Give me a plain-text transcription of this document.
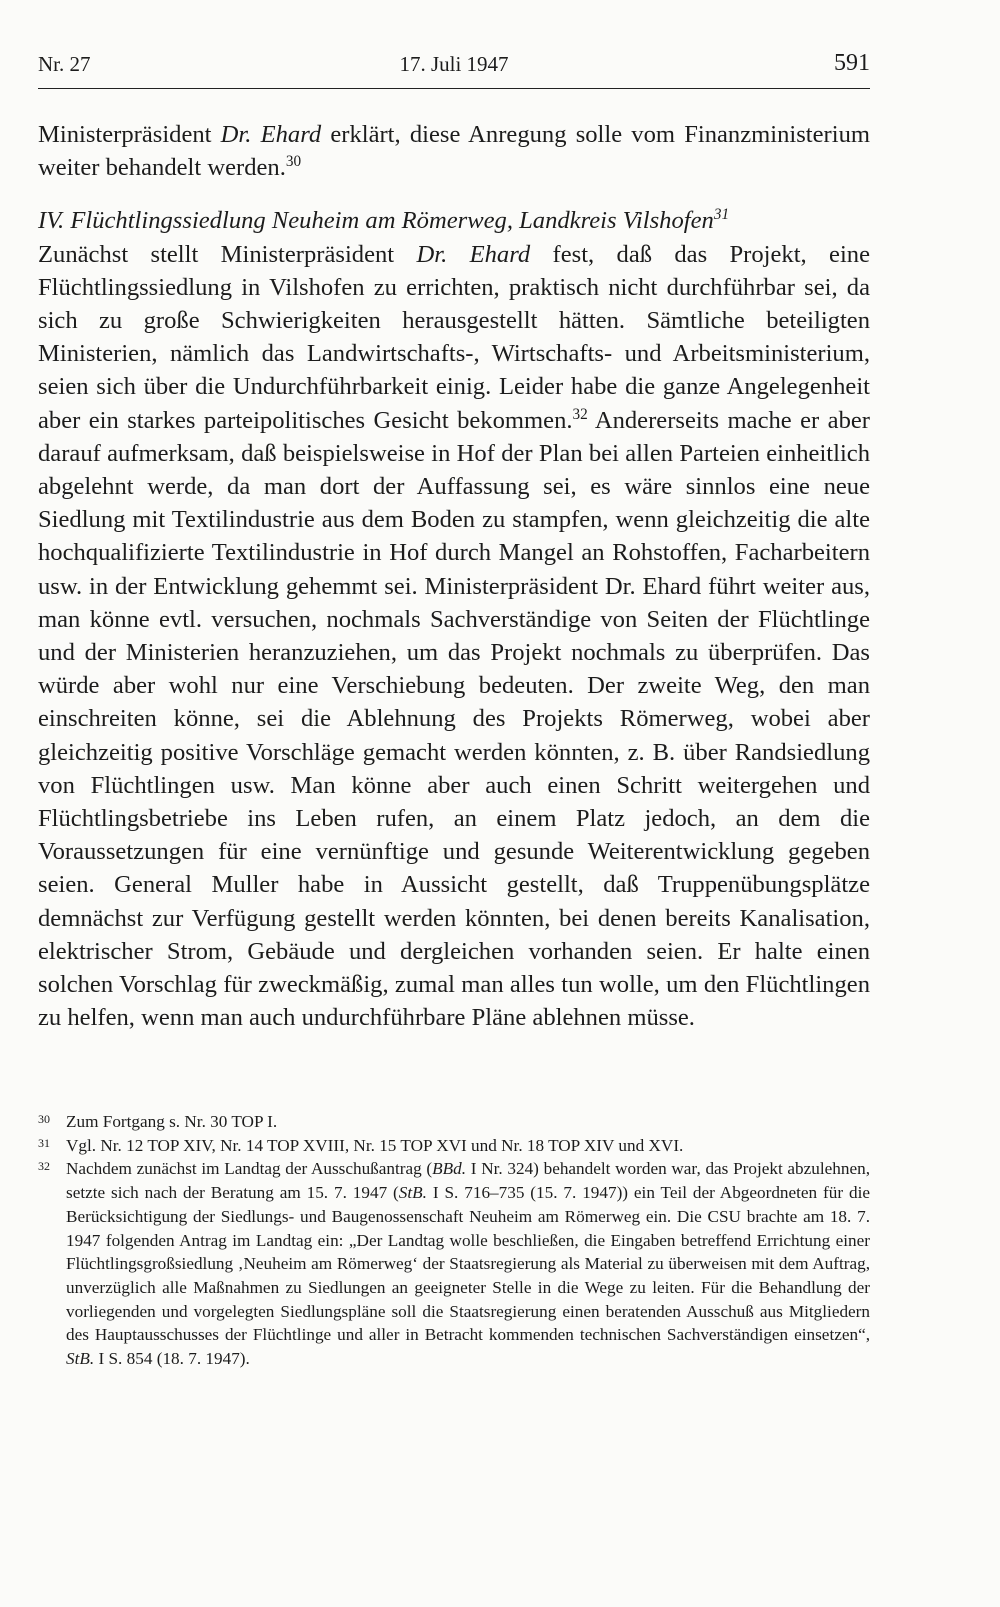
Nr. 27	17. Juli 1947	591

Ministerpräsident Dr. Ehard erklärt, diese Anregung solle vom Finanzministerium weiter behandelt werden.$^{30}$

IV. Flüchtlingssiedlung Neuheim am Römerweg, Landkreis Vilshofen$^{31}$

Zunächst stellt Ministerpräsident Dr. Ehard fest, daß das Projekt, eine Flüchtlingssiedlung in Vilshofen zu errichten, praktisch nicht durchführbar sei, da sich zu große Schwierigkeiten herausgestellt hätten. Sämtliche beteiligten Ministerien, nämlich das Landwirtschafts-, Wirtschafts- und Arbeitsministerium, seien sich über die Undurchführbarkeit einig. Leider habe die ganze Angelegenheit aber ein starkes parteipolitisches Gesicht bekommen.$^{32}$ Andererseits mache er aber darauf aufmerksam, daß beispielsweise in Hof der Plan bei allen Parteien einheitlich abgelehnt werde, da man dort der Auffassung sei, es wäre sinnlos eine neue Siedlung mit Textilindustrie aus dem Boden zu stampfen, wenn gleichzeitig die alte hochqualifizierte Textilindustrie in Hof durch Mangel an Rohstoffen, Facharbeitern usw. in der Entwicklung gehemmt sei. Ministerpräsident Dr. Ehard führt weiter aus, man könne evtl. versuchen, nochmals Sachverständige von Seiten der Flüchtlinge und der Ministerien heranzuziehen, um das Projekt nochmals zu überprüfen. Das würde aber wohl nur eine Verschiebung bedeuten. Der zweite Weg, den man einschreiten könne, sei die Ablehnung des Projekts Römerweg, wobei aber gleichzeitig positive Vorschläge gemacht werden könnten, z. B. über Randsiedlung von Flüchtlingen usw. Man könne aber auch einen Schritt weitergehen und Flüchtlingsbetriebe ins Leben rufen, an einem Platz jedoch, an dem die Voraussetzungen für eine vernünftige und gesunde Weiterentwicklung gegeben seien. General Muller habe in Aussicht gestellt, daß Truppenübungsplätze demnächst zur Verfügung gestellt werden könnten, bei denen bereits Kanalisation, elektrischer Strom, Gebäude und dergleichen vorhanden seien. Er halte einen solchen Vorschlag für zweckmäßig, zumal man alles tun wolle, um den Flüchtlingen zu helfen, wenn man auch undurchführbare Pläne ablehnen müsse.

30 Zum Fortgang s. Nr. 30 TOP I.

31 Vgl. Nr. 12 TOP XIV, Nr. 14 TOP XVIII, Nr. 15 TOP XVI und Nr. 18 TOP XIV und XVI.

32 Nachdem zunächst im Landtag der Ausschußantrag (BBd. I Nr. 324) behandelt worden war, das Projekt abzulehnen, setzte sich nach der Beratung am 15. 7. 1947 (StB. I S. 716–735 (15. 7. 1947)) ein Teil der Abgeordneten für die Berücksichtigung der Siedlungs- und Baugenossenschaft Neuheim am Römerweg ein. Die CSU brachte am 18. 7. 1947 folgenden Antrag im Landtag ein: „Der Landtag wolle beschließen, die Eingaben betreffend Errichtung einer Flüchtlingsgroßsiedlung ‚Neuheim am Römerweg‘ der Staatsregierung als Material zu überweisen mit dem Auftrag, unverzüglich alle Maßnahmen zu Siedlungen an geeigneter Stelle in die Wege zu leiten. Für die Behandlung der vorliegenden und vorgelegten Siedlungspläne soll die Staatsregierung einen beratenden Ausschuß aus Mitgliedern des Hauptausschusses der Flüchtlinge und aller in Betracht kommenden technischen Sachverständigen einsetzen“, StB. I S. 854 (18. 7. 1947).
